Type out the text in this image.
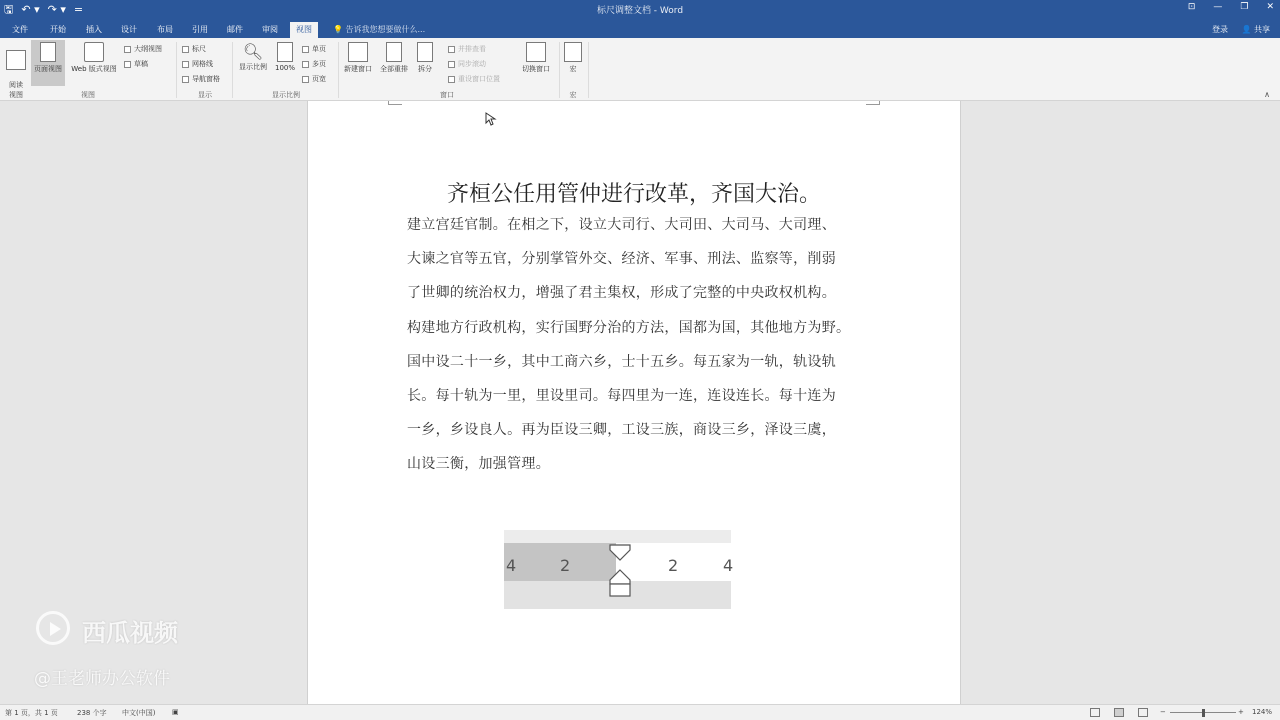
🖫 ↶ ▾ ↷ ▾ =	标尺调整文档 - Word	⊡ — ❐ ✕
文件	开始	插入	设计	布局	引用	邮件	审阅	视图	💡 告诉我您想要做什么...	登录 👤 共享

阅读
视图

页面视图	Web 版式视图
大纲视图
草稿
视图
标尺
网格线
导航窗格
显示
🔍︎
显示比例	100%
单页
多页
页宽
显示比例
新建窗口	全部重排	拆分
并排查看
同步滚动
重设窗口位置
切换窗口
窗口
宏
宏	∧
齐桓公任用管仲进行改革，齐国大治。
建立宫廷官制。在相之下，设立大司行、大司田、大司马、大司理、
大谏之官等五官，分别掌管外交、经济、军事、刑法、监察等，削弱
了世卿的统治权力，增强了君主集权，形成了完整的中央政权机构。
构建地方行政机构，实行国野分治的方法，国都为国，其他地方为野。
国中设二十一乡，其中工商六乡，士十五乡。每五家为一轨，轨设轨
长。每十轨为一里，里设里司。每四里为一连，连设连长。每十连为
一乡，乡设良人。再为臣设三卿，工设三族，商设三乡，泽设三虞，
山设三衡，加强管理。
4	2	2	4
西瓜视频
@王老师办公软件
第 1 页，共 1 页	238 个字 中文(中国) ▣	−	+ 124%
